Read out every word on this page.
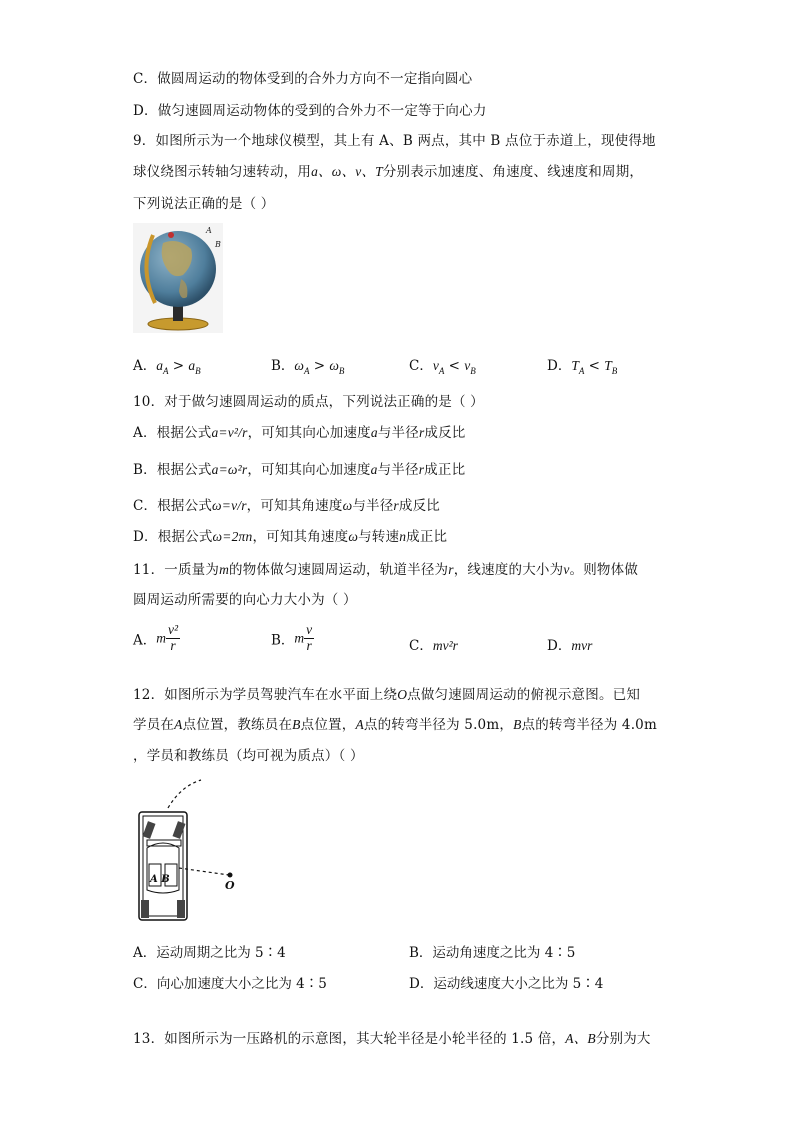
C．做圆周运动的物体受到的合外力方向不一定指向圆心
D．做匀速圆周运动物体的受到的合外力不一定等于向心力
9．如图所示为一个地球仪模型，其上有 A、B 两点，其中 B 点位于赤道上，现使得地
球仪绕图示转轴匀速转动，用a、ω、v、T分别表示加速度、角速度、线速度和周期，
下列说法正确的是（ ）
A
B
A．$a_A > a_B$	B．$\omega_A > \omega_B$	C．$v_A < v_B$	D．$T_A < T_B$
10．对于做匀速圆周运动的质点，下列说法正确的是（ ）
A．根据公式a=v²/r，可知其向心加速度a与半径r成反比
B．根据公式a=ω²r，可知其向心加速度a与半径r成正比
C．根据公式ω=v/r，可知其角速度ω与半径r成反比
D．根据公式ω=2πn，可知其角速度ω与转速n成正比
11．一质量为m的物体做匀速圆周运动，轨道半径为r，线速度的大小为v。则物体做
圆周运动所需要的向心力大小为（ ）
A．m $\frac{\text{v²}}{r}$	B．m $\frac{v}{r}$	C．mv²r	D．mvr
12．如图所示为学员驾驶汽车在水平面上绕O点做匀速圆周运动的俯视示意图。已知
学员在A点位置，教练员在B点位置，A点的转弯半径为 5.0m，B点的转弯半径为 4.0m
，学员和教练员（均可视为质点）（ ）
A B	O
A．运动周期之比为 5∶4	B．运动角速度之比为 4∶5
C．向心加速度大小之比为 4∶5	D．运动线速度大小之比为 5∶4
13．如图所示为一压路机的示意图，其大轮半径是小轮半径的 1.5 倍，A、B分别为大
